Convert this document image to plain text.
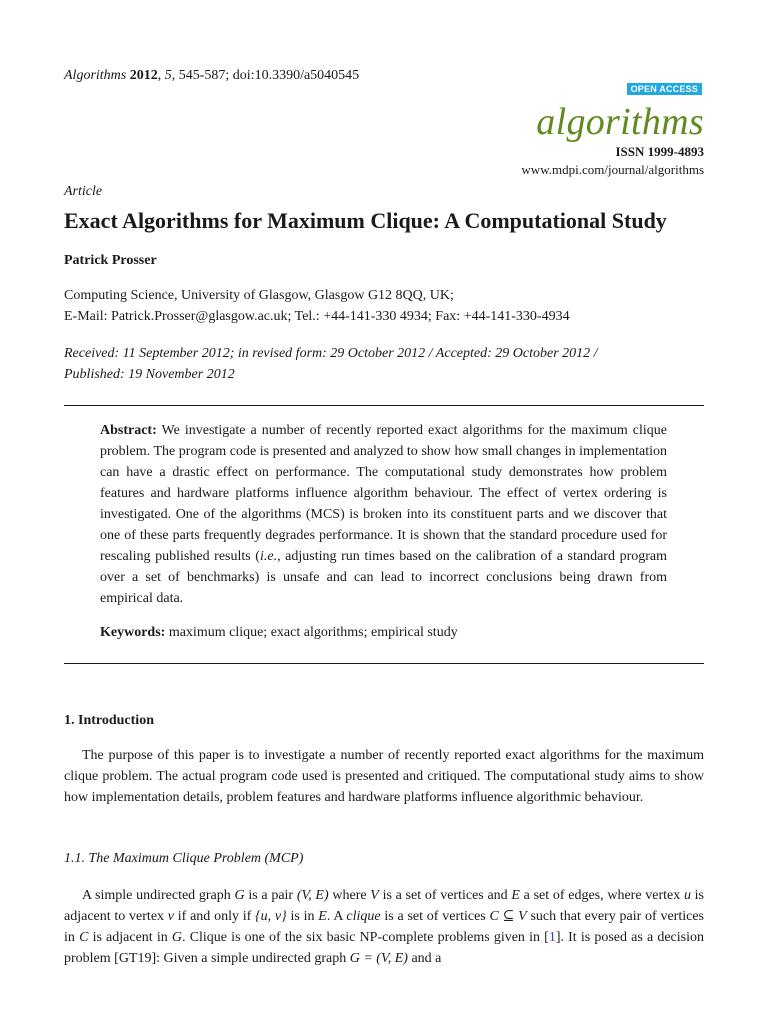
Algorithms 2012, 5, 545-587; doi:10.3390/a5040545
OPEN ACCESS
algorithms
ISSN 1999-4893
www.mdpi.com/journal/algorithms
Article
Exact Algorithms for Maximum Clique: A Computational Study
Patrick Prosser
Computing Science, University of Glasgow, Glasgow G12 8QQ, UK;
E-Mail: Patrick.Prosser@glasgow.ac.uk; Tel.: +44-141-330 4934; Fax: +44-141-330-4934
Received: 11 September 2012; in revised form: 29 October 2012 / Accepted: 29 October 2012 /
Published: 19 November 2012
Abstract: We investigate a number of recently reported exact algorithms for the maximum clique problem. The program code is presented and analyzed to show how small changes in implementation can have a drastic effect on performance. The computational study demonstrates how problem features and hardware platforms influence algorithm behaviour. The effect of vertex ordering is investigated. One of the algorithms (MCS) is broken into its constituent parts and we discover that one of these parts frequently degrades performance. It is shown that the standard procedure used for rescaling published results (i.e., adjusting run times based on the calibration of a standard program over a set of benchmarks) is unsafe and can lead to incorrect conclusions being drawn from empirical data.
Keywords: maximum clique; exact algorithms; empirical study
1. Introduction
The purpose of this paper is to investigate a number of recently reported exact algorithms for the maximum clique problem. The actual program code used is presented and critiqued. The computational study aims to show how implementation details, problem features and hardware platforms influence algorithmic behaviour.
1.1. The Maximum Clique Problem (MCP)
A simple undirected graph G is a pair (V, E) where V is a set of vertices and E a set of edges, where vertex u is adjacent to vertex v if and only if {u, v} is in E. A clique is a set of vertices C ⊆ V such that every pair of vertices in C is adjacent in G. Clique is one of the six basic NP-complete problems given in [1]. It is posed as a decision problem [GT19]: Given a simple undirected graph G = (V, E) and a
